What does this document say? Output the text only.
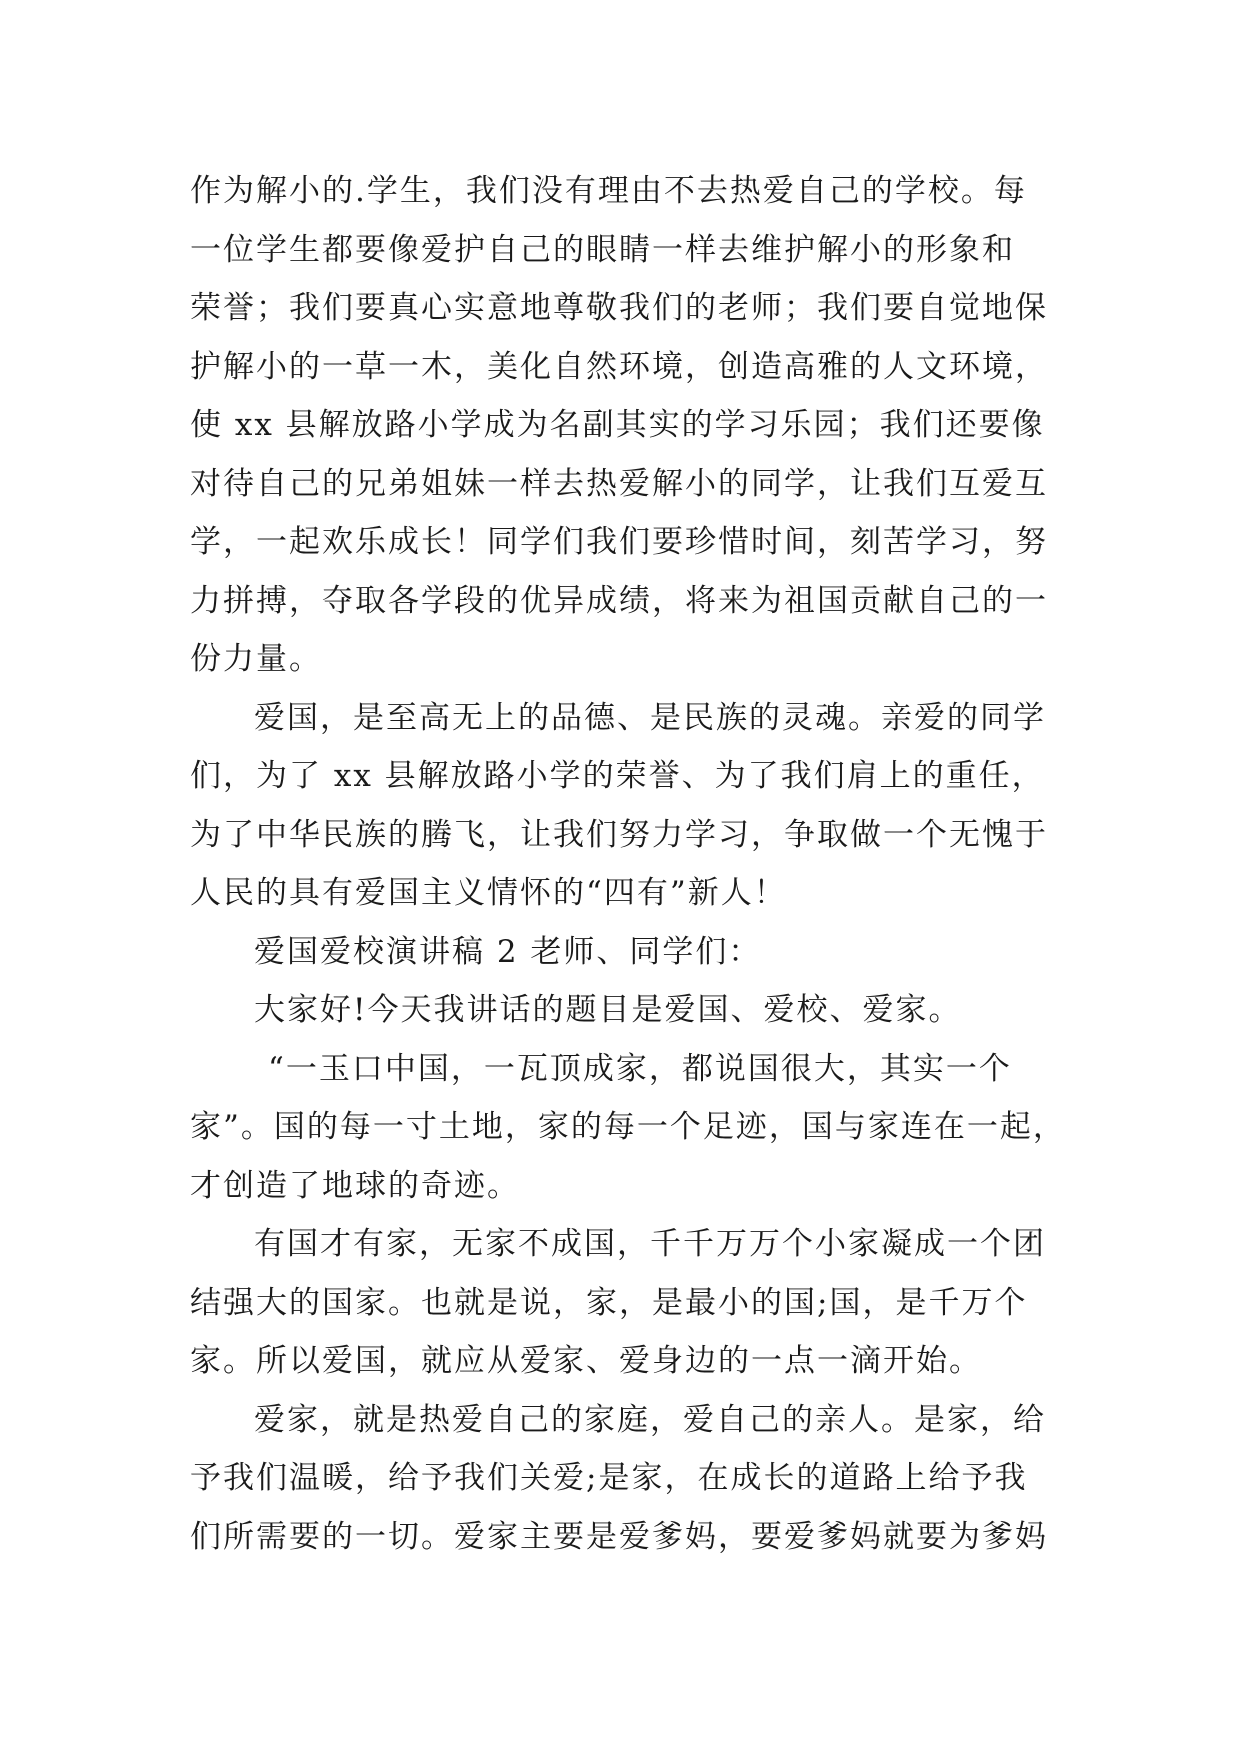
作为解小的.学生，我们没有理由不去热爱自己的学校。每
一位学生都要像爱护自己的眼睛一样去维护解小的形象和
荣誉；我们要真心实意地尊敬我们的老师；我们要自觉地保
护解小的一草一木，美化自然环境，创造高雅的人文环境，
使 xx 县解放路小学成为名副其实的学习乐园；我们还要像
对待自己的兄弟姐妹一样去热爱解小的同学，让我们互爱互
学，一起欢乐成长！同学们我们要珍惜时间，刻苦学习，努
力拼搏，夺取各学段的优异成绩，将来为祖国贡献自己的一
份力量。
爱国，是至高无上的品德、是民族的灵魂。亲爱的同学
们，为了 xx 县解放路小学的荣誉、为了我们肩上的重任，
为了中华民族的腾飞，让我们努力学习，争取做一个无愧于
人民的具有爱国主义情怀的“四有”新人！
爱国爱校演讲稿 2 老师、同学们：
大家好!今天我讲话的题目是爱国、爱校、爱家。
“一玉口中国，一瓦顶成家，都说国很大，其实一个
家”。国的每一寸土地，家的每一个足迹，国与家连在一起，
才创造了地球的奇迹。
有国才有家，无家不成国，千千万万个小家凝成一个团
结强大的国家。也就是说，家，是最小的国;国，是千万个
家。所以爱国，就应从爱家、爱身边的一点一滴开始。
爱家，就是热爱自己的家庭，爱自己的亲人。是家，给
予我们温暖，给予我们关爱;是家，在成长的道路上给予我
们所需要的一切。爱家主要是爱爹妈，要爱爹妈就要为爹妈
